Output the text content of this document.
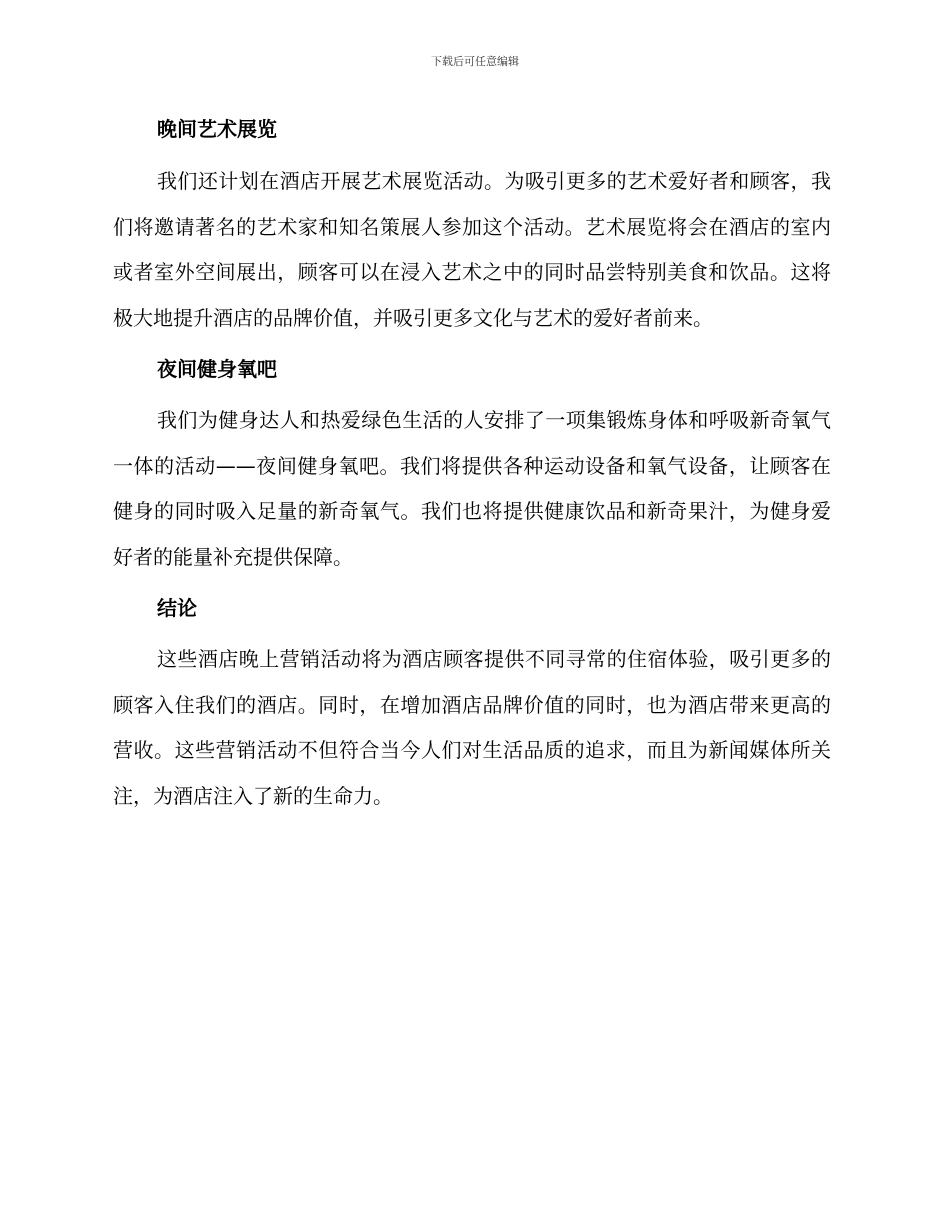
下载后可任意编辑
晚间艺术展览

我们还计划在酒店开展艺术展览活动。为吸引更多的艺术爱好者和顾客，我们将邀请著名的艺术家和知名策展人参加这个活动。艺术展览将会在酒店的室内或者室外空间展出，顾客可以在浸入艺术之中的同时品尝特别美食和饮品。这将极大地提升酒店的品牌价值，并吸引更多文化与艺术的爱好者前来。

夜间健身氧吧

我们为健身达人和热爱绿色生活的人安排了一项集锻炼身体和呼吸新奇氧气一体的活动——夜间健身氧吧。我们将提供各种运动设备和氧气设备，让顾客在健身的同时吸入足量的新奇氧气。我们也将提供健康饮品和新奇果汁，为健身爱好者的能量补充提供保障。

结论

这些酒店晚上营销活动将为酒店顾客提供不同寻常的住宿体验，吸引更多的顾客入住我们的酒店。同时，在增加酒店品牌价值的同时，也为酒店带来更高的营收。这些营销活动不但符合当今人们对生活品质的追求，而且为新闻媒体所关注，为酒店注入了新的生命力。
